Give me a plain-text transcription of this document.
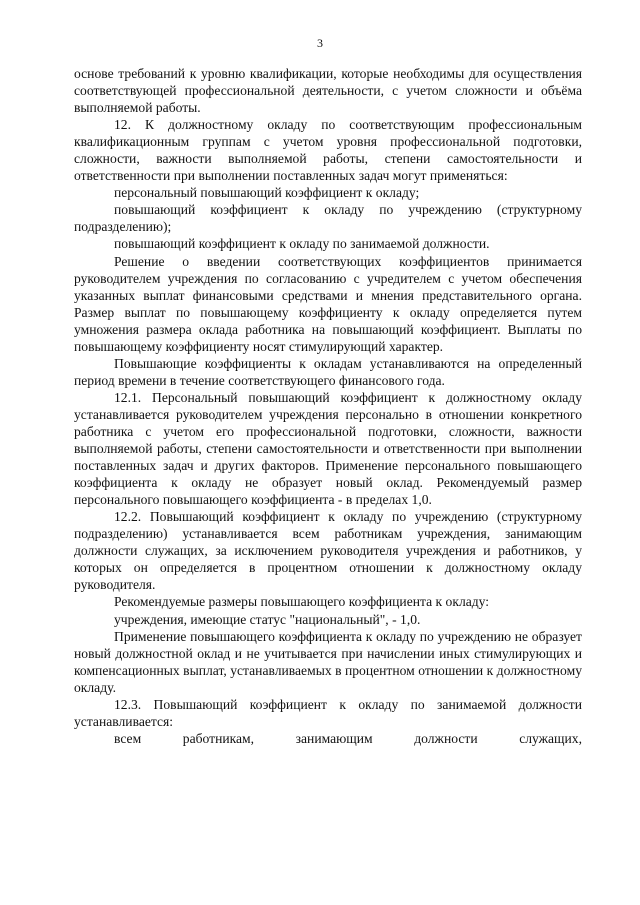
3

основе требований к уровню квалификации, которые необходимы для осуществления соответствующей профессиональной деятельности, с учетом сложности и объёма выполняемой работы.

12. К должностному окладу по соответствующим профессиональным квалификационным группам с учетом уровня профессиональной подготовки, сложности, важности выполняемой работы, степени самостоятельности и ответственности при выполнении поставленных задач могут применяться:

персональный повышающий коэффициент к окладу;

повышающий коэффициент к окладу по учреждению (структурному подразделению);

повышающий коэффициент к окладу по занимаемой должности.

Решение о введении соответствующих коэффициентов принимается руководителем учреждения по согласованию с учредителем с учетом обеспечения указанных выплат финансовыми средствами и мнения представительного органа. Размер выплат по повышающему коэффициенту к окладу определяется путем умножения размера оклада работника на повышающий коэффициент. Выплаты по повышающему коэффициенту носят стимулирующий характер.

Повышающие коэффициенты к окладам устанавливаются на определенный период времени в течение соответствующего финансового года.

12.1. Персональный повышающий коэффициент к должностному окладу устанавливается руководителем учреждения персонально в отношении конкретного работника с учетом его профессиональной подготовки, сложности, важности выполняемой работы, степени самостоятельности и ответственности при выполнении поставленных задач и других факторов. Применение персонального повышающего коэффициента к окладу не образует новый оклад. Рекомендуемый размер персонального повышающего коэффициента - в пределах 1,0.

12.2. Повышающий коэффициент к окладу по учреждению (структурному подразделению) устанавливается всем работникам учреждения, занимающим должности служащих, за исключением руководителя учреждения и работников, у которых он определяется в процентном отношении к должностному окладу руководителя.

Рекомендуемые размеры повышающего коэффициента к окладу:

учреждения, имеющие статус "национальный", - 1,0.

Применение повышающего коэффициента к окладу по учреждению не образует новый должностной оклад и не учитывается при начислении иных стимулирующих и компенсационных выплат, устанавливаемых в процентном отношении к должностному окладу.

12.3. Повышающий коэффициент к окладу по занимаемой должности устанавливается:

всем работникам, занимающим должности служащих,
